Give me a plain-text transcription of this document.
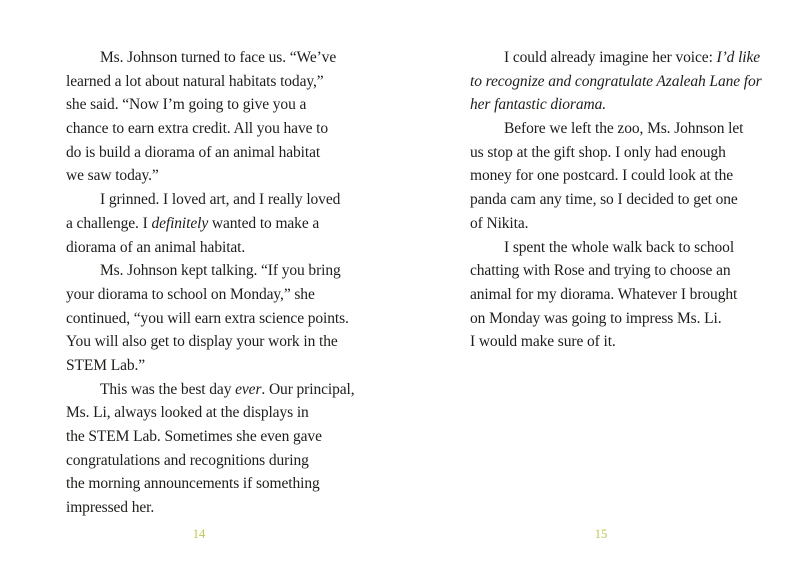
Ms. Johnson turned to face us. “We’ve
learned a lot about natural habitats today,”
she said. “Now I’m going to give you a
chance to earn extra credit. All you have to
do is build a diorama of an animal habitat
we saw today.”
I grinned. I loved art, and I really loved
a challenge. I definitely wanted to make a
diorama of an animal habitat.
Ms. Johnson kept talking. “If you bring
your diorama to school on Monday,” she
continued, “you will earn extra science points.
You will also get to display your work in the
STEM Lab.”
This was the best day ever. Our principal,
Ms. Li, always looked at the displays in
the STEM Lab. Sometimes she even gave
congratulations and recognitions during
the morning announcements if something
impressed her.
I could already imagine her voice: I’d like
to recognize and congratulate Azaleah Lane for
her fantastic diorama.
Before we left the zoo, Ms. Johnson let
us stop at the gift shop. I only had enough
money for one postcard. I could look at the
panda cam any time, so I decided to get one
of Nikita.
I spent the whole walk back to school
chatting with Rose and trying to choose an
animal for my diorama. Whatever I brought
on Monday was going to impress Ms. Li.
I would make sure of it.
14	15
